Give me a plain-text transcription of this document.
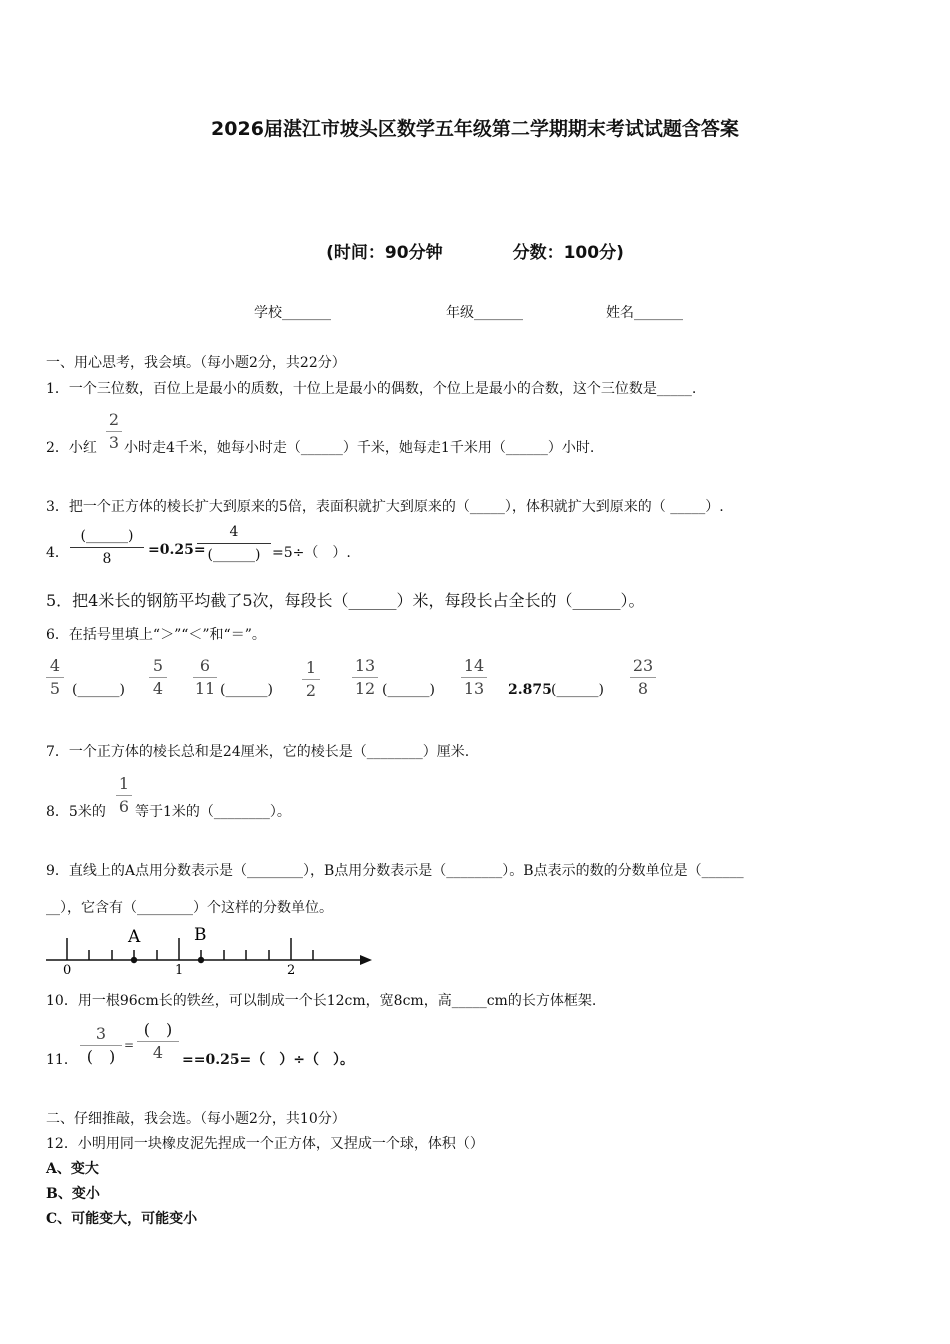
2026届湛江市坡头区数学五年级第二学期期末考试试题含答案
(时间：90分钟	分数：100分)
学校_______	年级_______	姓名_______
一、用心思考，我会填。（每小题2分，共22分）
1．一个三位数，百位上是最小的质数，十位上是最小的偶数，个位上是最小的合数，这个三位数是_____.
2．小红
2
3 小时走4千米，她每小时走（______）千米，她每走1千米用（______）小时.
3．把一个正方体的棱长扩大到原来的5倍，表面积就扩大到原来的（_____），体积就扩大到原来的（ _____）.
4．
(______)
8
=0.25=
4
(______) =5÷（　）.
5．把4米长的钢筋平均截了5次，每段长（______）米，每段长占全长的（______）。
6．在括号里填上“＞”“＜”和“＝”。
4
5 (______)
5
4
6
11 (______)
1
2
13
12 (______)
14
13 2.875 (______)
23
8
7．一个正方体的棱长总和是24厘米，它的棱长是（________）厘米.
8．5米的
1
6 等于1米的（________）。
9．直线上的A点用分数表示是（________），B点用分数表示是（________）。B点表示的数的分数单位是（______
__），它含有（________）个这样的分数单位。
A	B
0	1	2
10．用一根96cm长的铁丝，可以制成一个长12cm，宽8cm，高_____cm的长方体框架.
11．
3
(　)
=
(　)
4	==0.25=（　）÷（　）。
二、仔细推敲，我会选。（每小题2分，共10分）
12．小明用同一块橡皮泥先捏成一个正方体，又捏成一个球，体积（）
A、变大
B、变小
C、可能变大，可能变小
